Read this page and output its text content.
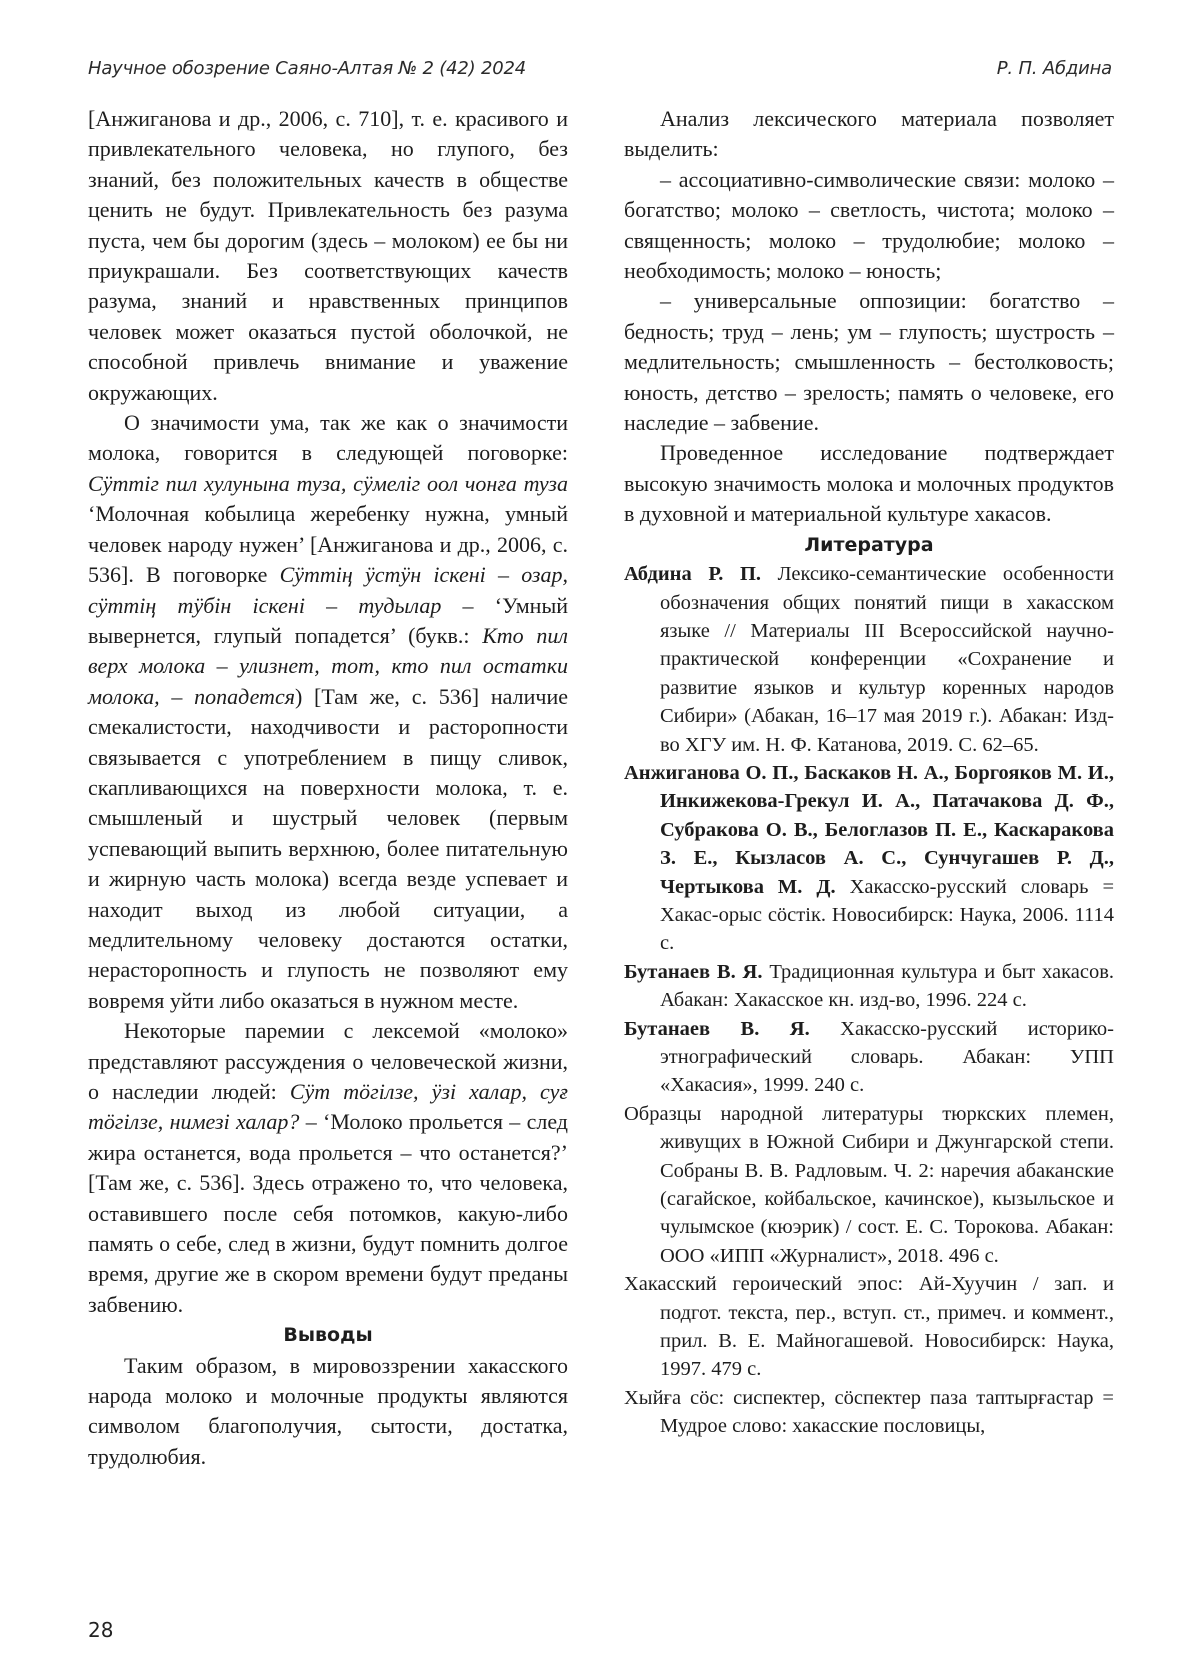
Научное обозрение Саяно-Алтая № 2 (42) 2024	Р. П. Абдина

[Анжиганова и др., 2006, с. 710], т. е. красивого и привлекательного человека, но глупого, без знаний, без положительных качеств в обществе ценить не будут. Привлекательность без разума пуста, чем бы дорогим (здесь – молоком) ее бы ни приукрашали. Без соответствующих качеств разума, знаний и нравственных принципов человек может оказаться пустой оболочкой, не способной привлечь внимание и уважение окружающих.

О значимости ума, так же как о значимости молока, говорится в следующей поговорке: Сӱттіг пил хулунына туза, сӱмелiг оол чонға туза ‘Молочная кобылица жеребенку нужна, умный человек народу нужен’ [Анжиганова и др., 2006, с. 536]. В поговорке Сӱттiң ӱстӱн iскенi – озар, сӱттiң тӱбiн iскенi – тудылар – ‘Умный вывернется, глупый попадется’ (букв.: Кто пил верх молока – улизнет, тот, кто пил остатки молока, – попадется) [Там же, с. 536] наличие смекалистости, находчивости и расторопности связывается с употреблением в пищу сливок, скапливающихся на поверхности молока, т. е. смышленый и шустрый человек (первым успевающий выпить верхнюю, более питательную и жирную часть молока) всегда везде успевает и находит выход из любой ситуации, а медлительному человеку достаются остатки, нерасторопность и глупость не позволяют ему вовремя уйти либо оказаться в нужном месте.

Некоторые паремии с лексемой «молоко» представляют рассуждения о человеческой жизни, о наследии людей: Сӱт тӧгiлзе, ӱзi халар, суғ тӧгiлзе, нимезi халар? – ‘Молоко прольется – след жира останется, вода прольется – что останется?’ [Там же, с. 536]. Здесь отражено то, что человека, оставившего после себя потомков, какую-либо память о себе, след в жизни, будут помнить долгое время, другие же в скором времени будут преданы забвению.

Выводы

Таким образом, в мировоззрении хакасского народа молоко и молочные продукты являются символом благополучия, сытости, достатка, трудолюбия.

Анализ лексического материала позволяет выделить:

– ассоциативно-символические связи: молоко – богатство; молоко – светлость, чистота; молоко – священность; молоко – трудолюбие; молоко – необходимость; молоко – юность;

– универсальные оппозиции: богатство – бедность; труд – лень; ум – глупость; шустрость – медлительность; смышленность – бестолковость; юность, детство – зрелость; память о человеке, его наследие – забвение.

Проведенное исследование подтверждает высокую значимость молока и молочных продуктов в духовной и материальной культуре хакасов.

Литература

Абдина Р. П. Лексико-семантические особенности обозначения общих понятий пищи в хакасском языке // Материалы III Всероссийской научно-практической конференции «Сохранение и развитие языков и культур коренных народов Сибири» (Абакан, 16–17 мая 2019 г.). Абакан: Изд-во ХГУ им. Н. Ф. Катанова, 2019. С. 62–65.

Анжиганова О. П., Баскаков Н. А., Боргояков М. И., Инкижекова-Грекул И. А., Патачакова Д. Ф., Субракова О. В., Белоглазов П. Е., Каскаракова З. Е., Кызласов А. С., Сунчугашев Р. Д., Чертыкова М. Д. Хакасско-русский словарь = Хакас-орыс сӧстiк. Новосибирск: Наука, 2006. 1114 с.

Бутанаев В. Я. Традиционная культура и быт хакасов. Абакан: Хакасское кн. изд-во, 1996. 224 с.

Бутанаев В. Я. Хакасско-русский историко-этнографический словарь. Абакан: УПП «Хакасия», 1999. 240 с.

Образцы народной литературы тюркских племен, живущих в Южной Сибири и Джунгарской степи. Собраны В. В. Радловым. Ч. 2: наречия абаканские (сагайское, койбальское, качинское), кызыльское и чулымское (кюэрик) / сост. Е. С. Торокова. Абакан: ООО «ИПП «Журналист», 2018. 496 с.

Хакасский героический эпос: Ай-Хуучин / зап. и подгот. текста, пер., вступ. ст., примеч. и коммент., прил. В. Е. Майногашевой. Новосибирск: Наука, 1997. 479 с.

Хыйға сӧс: сиспектер, сӧспектер паза таптырғастар = Мудрое слово: хакасские пословицы,

28
